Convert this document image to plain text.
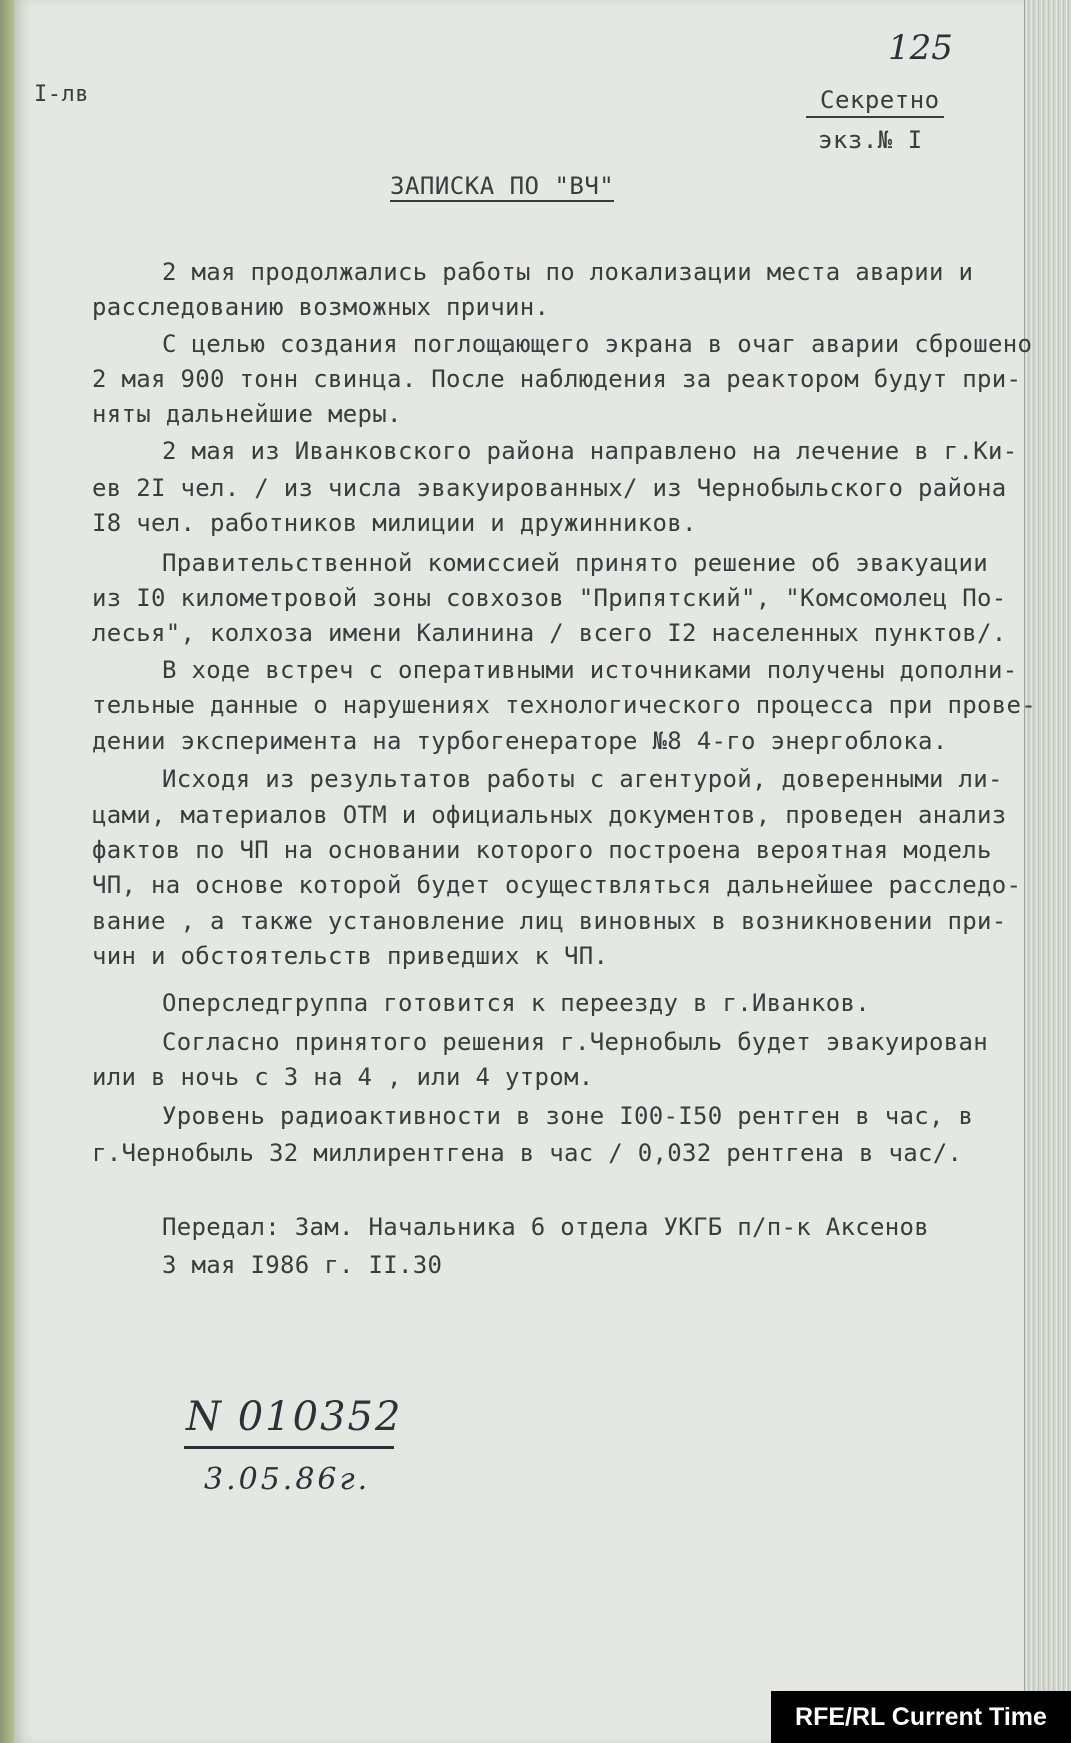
125
I-лв	Секретно
экз.№ I
ЗАПИСКА ПО "ВЧ"
2 мая продолжались работы по локализации места аварии и
расследованию возможных причин.
С целью создания поглощающего экрана в очаг аварии сброшено
2 мая 900 тонн свинца. После наблюдения за реактором будут при-
няты дальнейшие меры.
2 мая из Иванковского района направлено на лечение в г.Ки-
ев 2I чел. / из числа эвакуированных/ из Чернобыльского района
I8 чел. работников милиции и дружинников.
Правительственной комиссией принято решение об эвакуации
из I0 километровой зоны совхозов "Припятский", "Комсомолец По-
лесья", колхоза имени Калинина / всего I2 населенных пунктов/.
В ходе встреч с оперативными источниками получены дополни-
тельные данные о нарушениях технологического процесса при прове-
дении эксперимента на турбогенераторе №8 4-го энергоблока.
Исходя из результатов работы с агентурой, доверенными ли-
цами, материалов ОТМ и официальных документов, проведен анализ
фактов по ЧП на основании которого построена вероятная модель
ЧП, на основе которой будет осуществляться дальнейшее расследо-
вание , а также установление лиц виновных в возникновении при-
чин и обстоятельств приведших к ЧП.
Оперследгруппа готовится к переезду в г.Иванков.
Согласно принятого решения г.Чернобыль будет эвакуирован
или в ночь с 3 на 4 , или 4 утром.
Уровень радиоактивности в зоне I00-I50 рентген в час, в
г.Чернобыль 32 миллирентгена в час / 0,032 рентгена в час/.
Передал: Зам. Начальника 6 отдела УКГБ п/п-к Аксенов
3 мая I986 г. II.30
N 010352
3.05.86г.
RFE/RL Current Time
